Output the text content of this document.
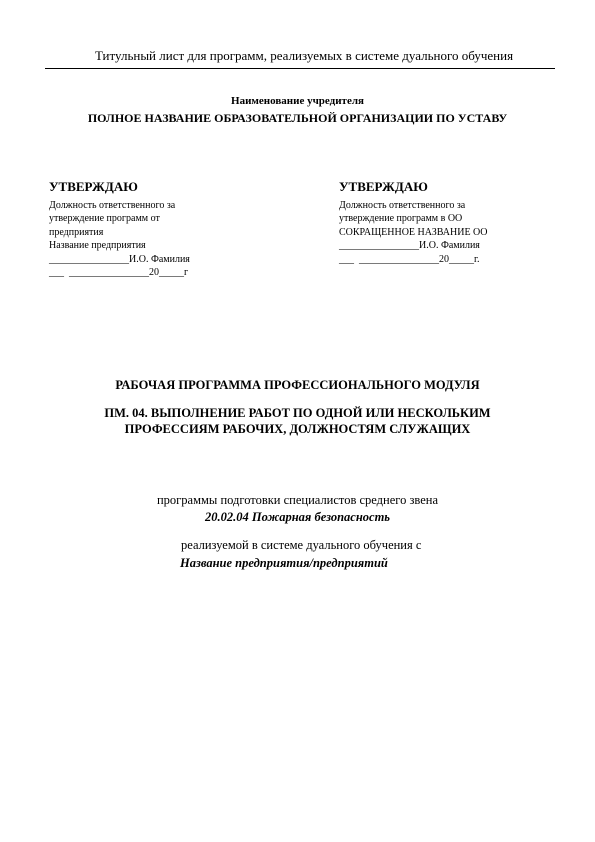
Титульный лист для программ, реализуемых в системе дуального обучения
Наименование учредителя
ПОЛНОЕ НАЗВАНИЕ ОБРАЗОВАТЕЛЬНОЙ ОРГАНИЗАЦИИ ПО УСТАВУ
УТВЕРЖДАЮ
Должность ответственного за
утверждение программ от
предприятия
Название предприятия
________________И.О. Фамилия
___  ________________20_____г
УТВЕРЖДАЮ
Должность ответственного за
утверждение программ в ОО
СОКРАЩЕННОЕ НАЗВАНИЕ ОО
________________И.О. Фамилия
___  ________________20_____г.
РАБОЧАЯ ПРОГРАММА ПРОФЕССИОНАЛЬНОГО МОДУЛЯ
ПМ. 04. ВЫПОЛНЕНИЕ РАБОТ ПО ОДНОЙ ИЛИ НЕСКОЛЬКИМ
ПРОФЕССИЯМ РАБОЧИХ, ДОЛЖНОСТЯМ СЛУЖАЩИХ
программы подготовки специалистов среднего звена
20.02.04 Пожарная безопасность
реализуемой в системе дуального обучения с
Название предприятия/предприятий
